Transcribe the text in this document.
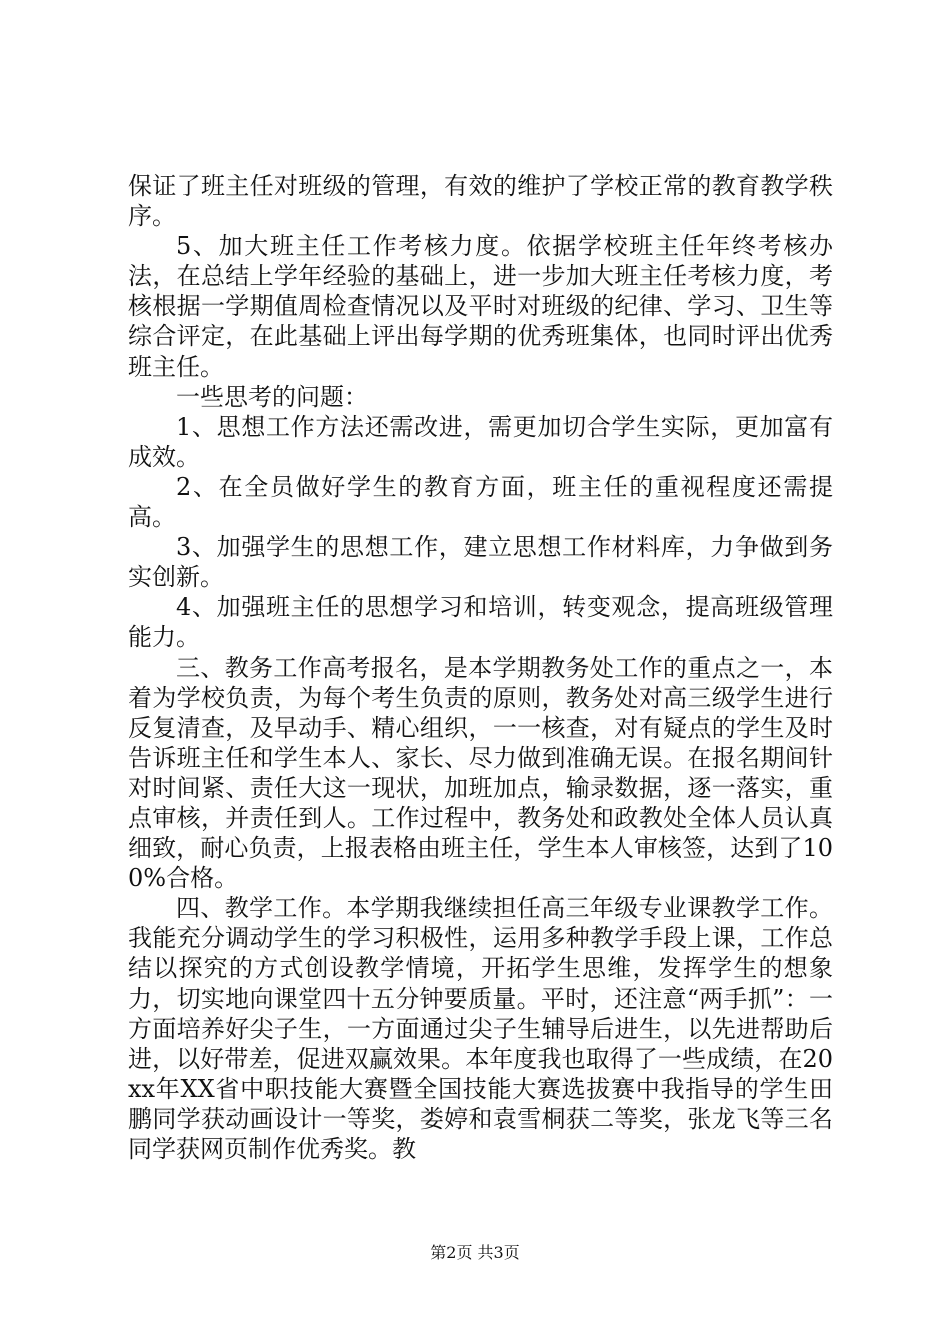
保证了班主任对班级的管理，有效的维护了学校正常的教育教学秩序。

5、加大班主任工作考核力度。依据学校班主任年终考核办法，在总结上学年经验的基础上，进一步加大班主任考核力度，考核根据一学期值周检查情况以及平时对班级的纪律、学习、卫生等综合评定，在此基础上评出每学期的优秀班集体，也同时评出优秀班主任。

一些思考的问题：

1、思想工作方法还需改进，需更加切合学生实际，更加富有成效。

2、在全员做好学生的教育方面，班主任的重视程度还需提高。

3、加强学生的思想工作，建立思想工作材料库，力争做到务实创新。

4、加强班主任的思想学习和培训，转变观念，提高班级管理能力。

三、教务工作高考报名，是本学期教务处工作的重点之一，本着为学校负责，为每个考生负责的原则，教务处对高三级学生进行反复清查，及早动手、精心组织，一一核查，对有疑点的学生及时告诉班主任和学生本人、家长、尽力做到准确无误。在报名期间针对时间紧、责任大这一现状，加班加点，输录数据，逐一落实，重点审核，并责任到人。工作过程中，教务处和政教处全体人员认真细致，耐心负责，上报表格由班主任，学生本人审核签，达到了100%合格。

四、教学工作。本学期我继续担任高三年级专业课教学工作。我能充分调动学生的学习积极性，运用多种教学手段上课，工作总结以探究的方式创设教学情境，开拓学生思维，发挥学生的想象力，切实地向课堂四十五分钟要质量。平时，还注意“两手抓”：一方面培养好尖子生，一方面通过尖子生辅导后进生，以先进帮助后进，以好带差，促进双赢效果。本年度我也取得了一些成绩，在20xx年XX省中职技能大赛暨全国技能大赛选拔赛中我指导的学生田鹏同学获动画设计一等奖，娄婷和袁雪桐获二等奖，张龙飞等三名同学获网页制作优秀奖。教

第2页 共3页
